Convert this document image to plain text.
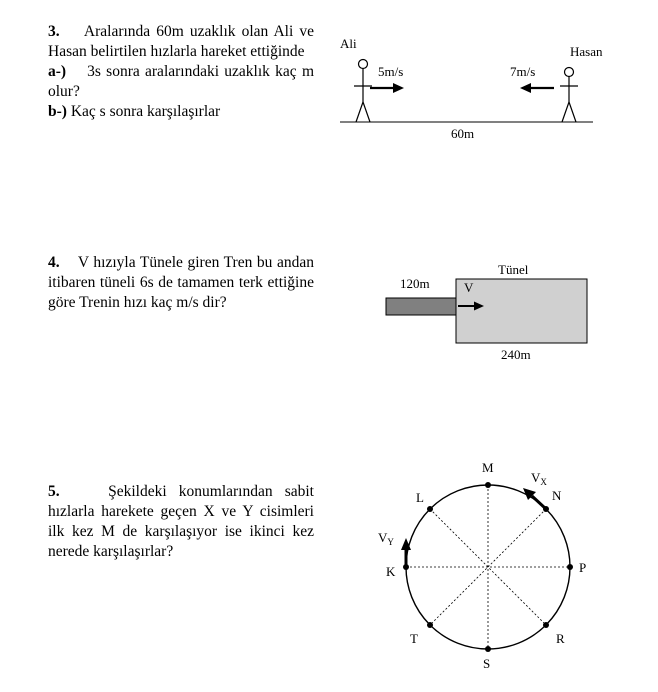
3. Aralarında 60m uzaklık olan Ali ve Hasan belirtilen hızlarla hareket ettiğinde
a-) 3s sonra aralarındaki uzaklık kaç m olur?
b-) Kaç s sonra karşılaşırlar
Ali
Hasan
5m/s	7m/s
60m
4. V hızıyla Tünele giren Tren bu andan itibaren tüneli 6s de tamamen terk ettiğine göre Trenin hızı kaç m/s dir?
Tünel
120m	V
240m
5.	Şekildeki konumlarından sabit hızlarla harekete geçen X ve Y cisimleri ilk kez M de karşılaşıyor ise ikinci kez nerede karşılaşırlar?
M
N
P
R
S
T
K
L
$V_X$
$V_Y$
